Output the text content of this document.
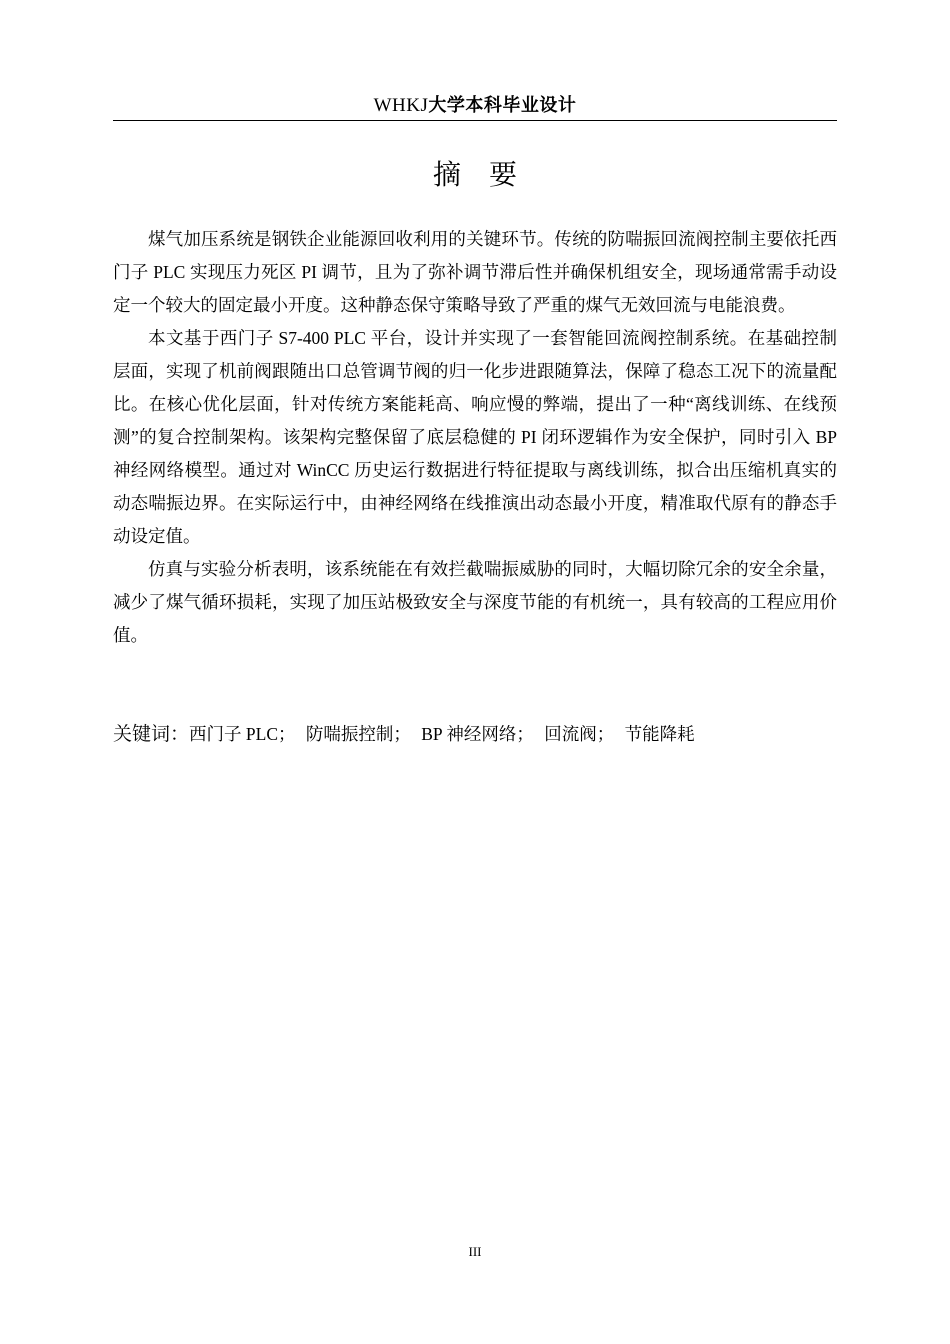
WHKJ大学本科毕业设计
摘要

煤气加压系统是钢铁企业能源回收利用的关键环节。传统的防喘振回流阀控制主要依托西门子 PLC 实现压力死区 PI 调节，且为了弥补调节滞后性并确保机组安全，现场通常需手动设定一个较大的固定最小开度。这种静态保守策略导致了严重的煤气无效回流与电能浪费。

本文基于西门子 S7-400 PLC 平台，设计并实现了一套智能回流阀控制系统。在基础控制层面，实现了机前阀跟随出口总管调节阀的归一化步进跟随算法，保障了稳态工况下的流量配比。在核心优化层面，针对传统方案能耗高、响应慢的弊端，提出了一种“离线训练、在线预测”的复合控制架构。该架构完整保留了底层稳健的 PI 闭环逻辑作为安全保护，同时引入 BP 神经网络模型。通过对 WinCC 历史运行数据进行特征提取与离线训练，拟合出压缩机真实的动态喘振边界。在实际运行中，由神经网络在线推演出动态最小开度，精准取代原有的静态手动设定值。

仿真与实验分析表明，该系统能在有效拦截喘振威胁的同时，大幅切除冗余的安全余量，减少了煤气循环损耗，实现了加压站极致安全与深度节能的有机统一，具有较高的工程应用价值。

关键词：西门子 PLC； 防喘振控制； BP 神经网络； 回流阀； 节能降耗
III
